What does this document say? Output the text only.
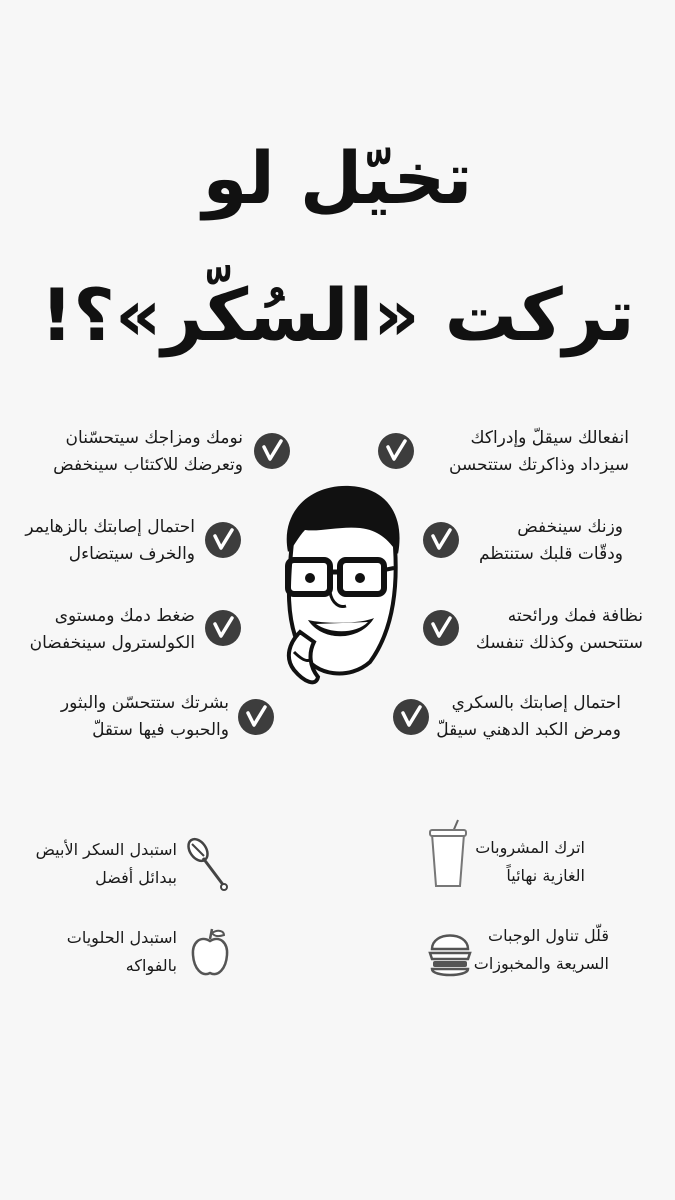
تخيّل لو
تركت «السُكّر»؟!
انفعالك سيقلّ وإدراكك
سيزداد وذاكرتك ستتحسن
وزنك سينخفض
ودقّات قلبك ستنتظم
نظافة فمك ورائحته
ستتحسن وكذلك تنفسك
احتمال إصابتك بالسكري
ومرض الكبد الدهني سيقلّ
نومك ومزاجك سيتحسّنان
وتعرضك للاكتئاب سينخفض
احتمال إصابتك بالزهايمر
والخرف سيتضاءل
ضغط دمك ومستوى
الكولسترول سينخفضان
بشرتك ستتحسّن والبثور
والحبوب فيها ستقلّ
اترك المشروبات
الغازية نهائياً
قلّل تناول الوجبات
السريعة والمخبوزات
استبدل السكر الأبيض
ببدائل أفضل
استبدل الحلويات
بالفواكه
